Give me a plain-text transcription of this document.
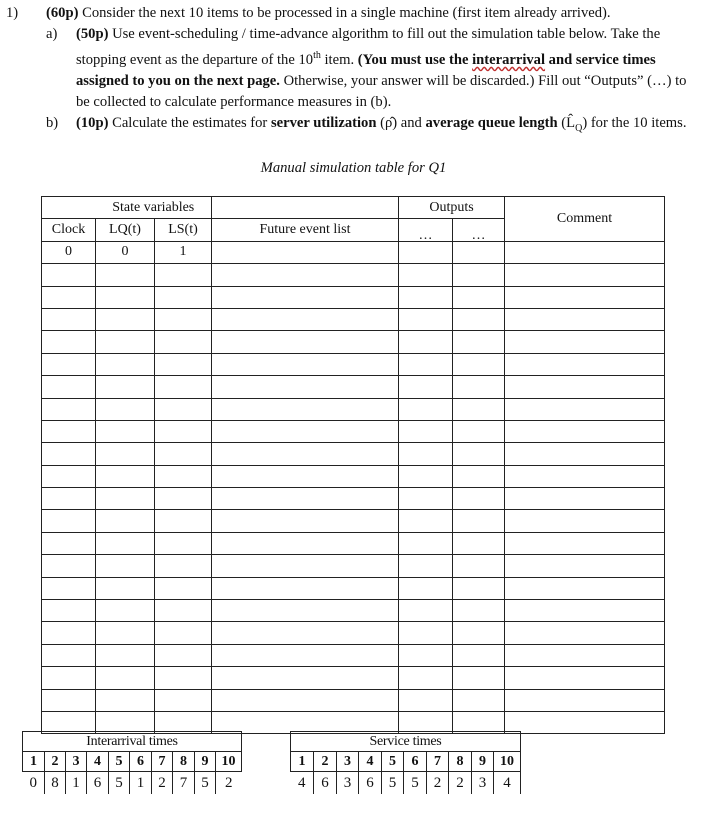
1)	(60p) Consider the next 10 items to be processed in a single machine (first item already arrived).
a)	(50p) Use event-scheduling / time-advance algorithm to fill out the simulation table below. Take the stopping event as the departure of the 10th item. (You must use the interarrival and service times assigned to you on the next page. Otherwise, your answer will be discarded.) Fill out “Outputs” (…) to be collected to calculate performance measures in (b).
b)	(10p) Calculate the estimates for server utilization (ρ̂) and average queue length $(L̂_Q)$ for the 10 items.
Manual simulation table for Q1
	State variables			Outputs		Comment
Clock	LQ(t)	LS(t)	Future event list	…	…	
0	0	1				

Interarrival times									
1	2	3	4	5	6	7	8	9	10
0	8	1	6	5	1	2	7	5	2
Service times									
1	2	3	4	5	6	7	8	9	10
4	6	3	6	5	5	2	2	3	4
